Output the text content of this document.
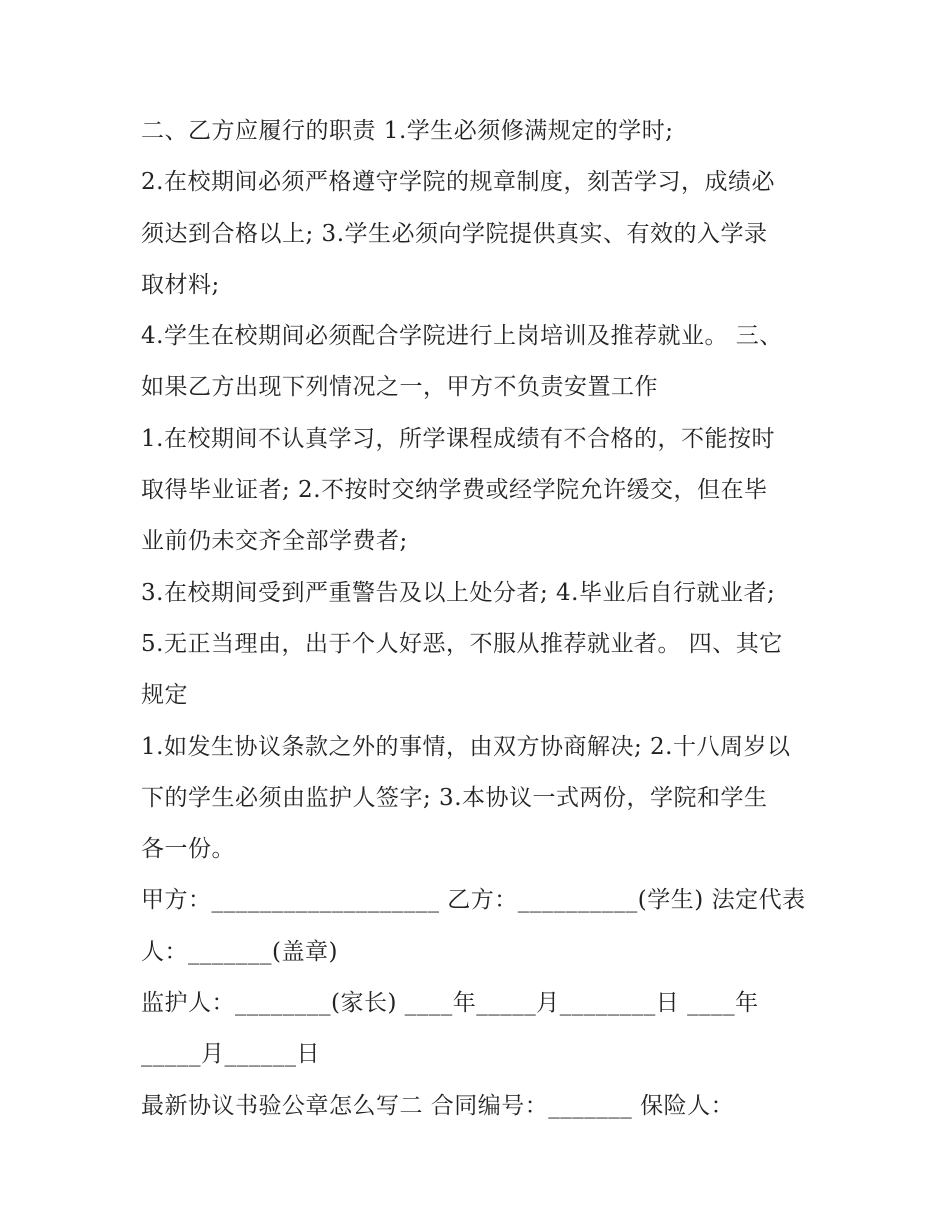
二、乙方应履行的职责 1.学生必须修满规定的学时;
2.在校期间必须严格遵守学院的规章制度，刻苦学习，成绩必
须达到合格以上; 3.学生必须向学院提供真实、有效的入学录
取材料;
4.学生在校期间必须配合学院进行上岗培训及推荐就业。 三、
如果乙方出现下列情况之一，甲方不负责安置工作
1.在校期间不认真学习，所学课程成绩有不合格的，不能按时
取得毕业证者; 2.不按时交纳学费或经学院允许缓交，但在毕
业前仍未交齐全部学费者;
3.在校期间受到严重警告及以上处分者; 4.毕业后自行就业者;
5.无正当理由，出于个人好恶，不服从推荐就业者。 四、其它
规定
1.如发生协议条款之外的事情，由双方协商解决; 2.十八周岁以
下的学生必须由监护人签字; 3.本协议一式两份，学院和学生
各一份。
甲方：___________________ 乙方：__________(学生) 法定代表
人：_______(盖章)
监护人：________(家长) ____年_____月________日 ____年
_____月______日
最新协议书验公章怎么写二 合同编号：_______ 保险人：
